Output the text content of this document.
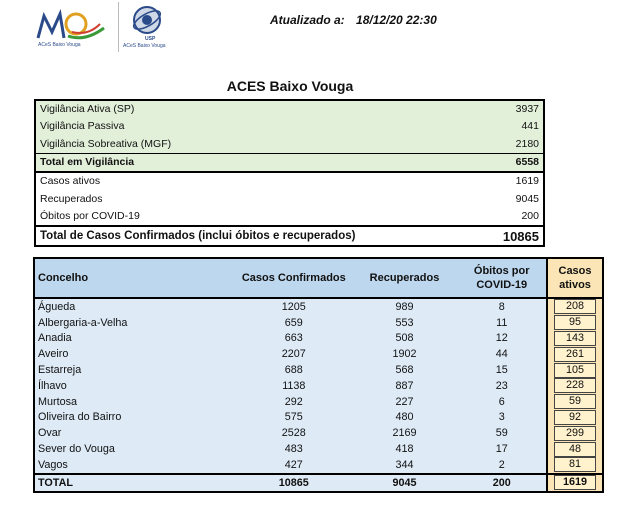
ACeS Baixo Vouga
USP
ACeS Baixo Vouga
Atualizado a: 18/12/20 22:30
ACES Baixo Vouga
Vigilância Ativa (SP)	3937
Vigilância Passiva	441
Vigilância Sobreativa (MGF)	2180
Total em Vigilância	6558
Casos ativos	1619
Recuperados	9045
Óbitos por COVID-19	200
Total de Casos Confirmados (inclui óbitos e recuperados)	10865
Concelho	Casos Confirmados	Recuperados	Óbitos por COVID-19	Casos ativos
Águeda	1205	989	8	208
Albergaria-a-Velha	659	553	11	95
Anadia	663	508	12	143
Aveiro	2207	1902	44	261
Estarreja	688	568	15	105
Ílhavo	1138	887	23	228
Murtosa	292	227	6	59
Oliveira do Bairro	575	480	3	92
Ovar	2528	2169	59	299
Sever do Vouga	483	418	17	48
Vagos	427	344	2	81
TOTAL	10865	9045	200	1619
